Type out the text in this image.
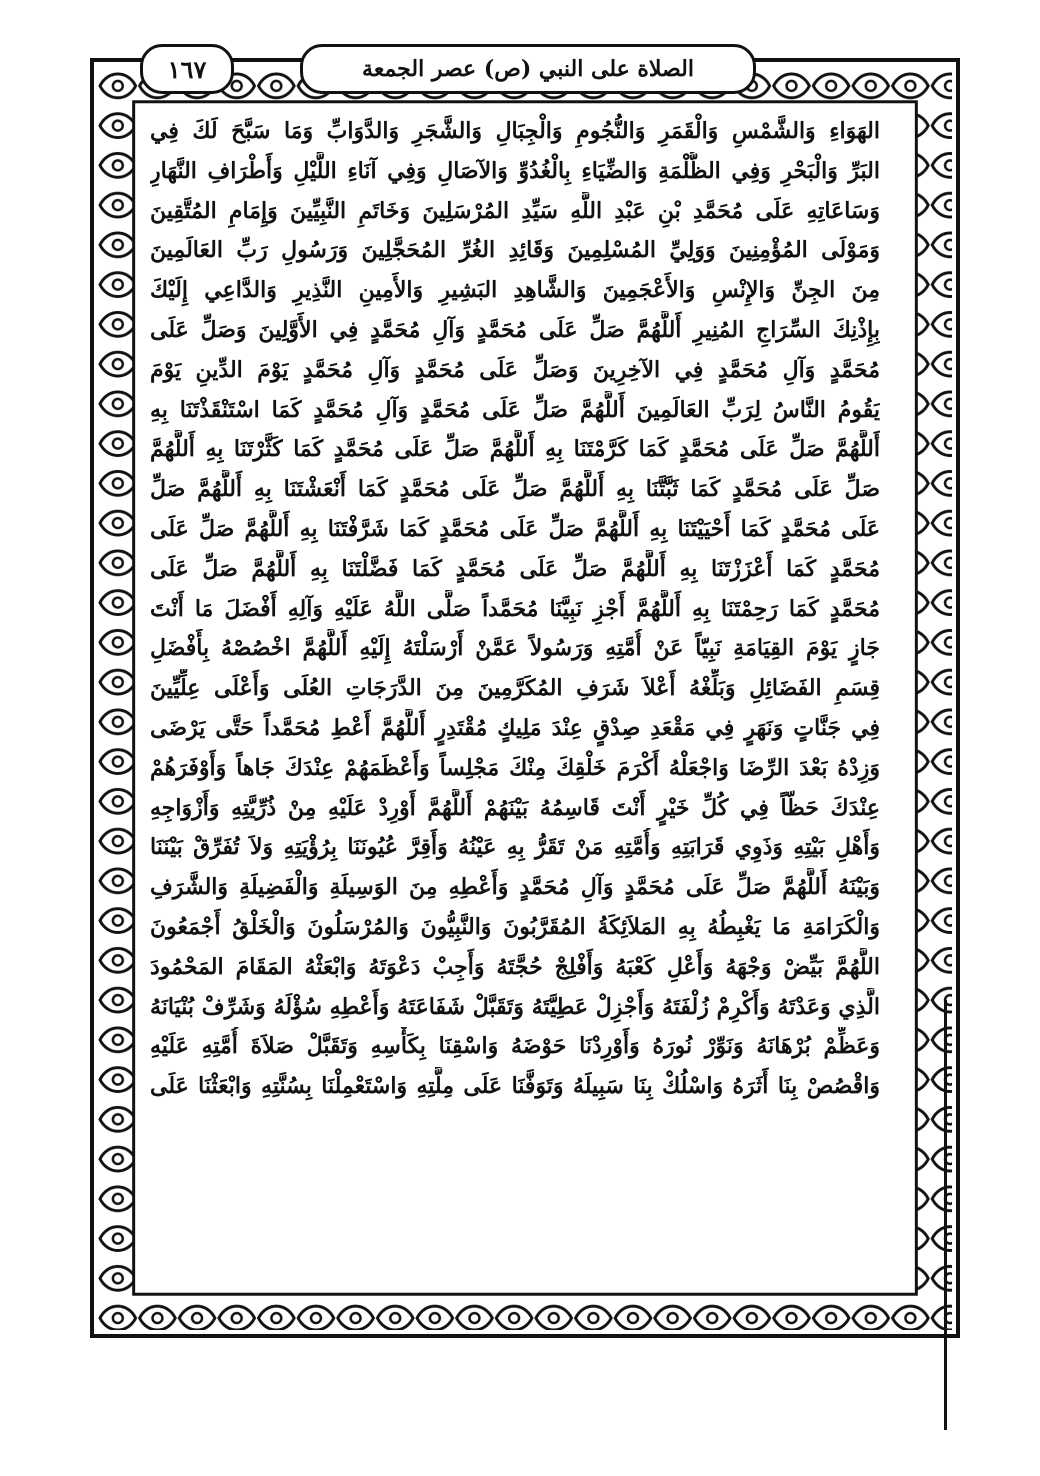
١٦٧	الصلاة على النبي (ص) عصر الجمعة
الهَوَاءِ وَالشَّمْسِ وَالْقَمَرِ وَالنُّجُومِ وَالْجِبَالِ وَالشَّجَرِ وَالدَّوَابِّ وَمَا سَبَّحَ لَكَ فِي
البَرِّ وَالْبَحْرِ وَفِي الظُّلْمَةِ وَالضِّيَاءِ بِالْغُدُوِّ وَالآصَالِ وَفِي آنَاءِ اللَّيْلِ وَأَطْرَافِ النَّهَارِ
وَسَاعَاتِهِ عَلَى مُحَمَّدِ بْنِ عَبْدِ اللَّهِ سَيِّدِ المُرْسَلِينَ وَخَاتَمِ النَّبِيِّينَ وَإِمَامِ المُتَّقِينَ
وَمَوْلَى المُؤْمِنِينَ وَوَلِيِّ المُسْلِمِينَ وَقَائِدِ الغُرِّ المُحَجَّلِينَ وَرَسُولِ رَبِّ العَالَمِينَ
مِنَ الجِنِّ وَالإِنْسِ وَالأَعْجَمِينَ وَالشَّاهِدِ البَشِيرِ وَالأَمِينِ النَّذِيرِ وَالدَّاعِي إِلَيْكَ
بِإِذْنِكَ السِّرَاجِ المُنِيرِ أَللَّهُمَّ صَلِّ عَلَى مُحَمَّدٍ وَآلِ مُحَمَّدٍ فِي الأَوَّلِينَ وَصَلِّ عَلَى
مُحَمَّدٍ وَآلِ مُحَمَّدٍ فِي الآخِرِينَ وَصَلِّ عَلَى مُحَمَّدٍ وَآلِ مُحَمَّدٍ يَوْمَ الدِّينِ يَوْمَ
يَقُومُ النَّاسُ لِرَبِّ العَالَمِينَ أَللَّهُمَّ صَلِّ عَلَى مُحَمَّدٍ وَآلِ مُحَمَّدٍ كَمَا اسْتَنْقَذْتَنَا بِهِ
أَللَّهُمَّ صَلِّ عَلَى مُحَمَّدٍ كَمَا كَرَّمْتَنَا بِهِ أَللَّهُمَّ صَلِّ عَلَى مُحَمَّدٍ كَمَا كَثَّرْتَنَا بِهِ أَللَّهُمَّ
صَلِّ عَلَى مُحَمَّدٍ كَمَا ثَبَّتَّنَا بِهِ أَللَّهُمَّ صَلِّ عَلَى مُحَمَّدٍ كَمَا أَنْعَشْتَنَا بِهِ أَللَّهُمَّ صَلِّ
عَلَى مُحَمَّدٍ كَمَا أَحْيَيْتَنَا بِهِ أَللَّهُمَّ صَلِّ عَلَى مُحَمَّدٍ كَمَا شَرَّفْتَنَا بِهِ أَللَّهُمَّ صَلِّ عَلَى
مُحَمَّدٍ كَمَا أَعْزَزْتَنَا بِهِ أَللَّهُمَّ صَلِّ عَلَى مُحَمَّدٍ كَمَا فَضَّلْتَنَا بِهِ أَللَّهُمَّ صَلِّ عَلَى
مُحَمَّدٍ كَمَا رَحِمْتَنَا بِهِ أَللَّهُمَّ أَجْزِ نَبِيَّنَا مُحَمَّداً صَلَّى اللَّهُ عَلَيْهِ وَآلِهِ أَفْضَلَ مَا أَنْتَ
جَازٍ يَوْمَ القِيَامَةِ نَبِيّاً عَنْ أُمَّتِهِ وَرَسُولاً عَمَّنْ أَرْسَلْتَهُ إِلَيْهِ أَللَّهُمَّ اخْصُصْهُ بِأَفْضَلِ
قِسَمِ الفَضَائِلِ وَبَلِّغْهُ أَعْلاَ شَرَفِ المُكَرَّمِينَ مِنَ الدَّرَجَاتِ العُلَى وَأَعْلَى عِلِّيِّينَ
فِي جَنَّاتٍ وَنَهَرٍ فِي مَقْعَدِ صِدْقٍ عِنْدَ مَلِيكٍ مُقْتَدِرٍ أَللَّهُمَّ أَعْطِ مُحَمَّداً حَتَّى يَرْضَى
وَزِدْهُ بَعْدَ الرِّضَا وَاجْعَلْهُ أَكْرَمَ خَلْقِكَ مِنْكَ مَجْلِساً وَأَعْظَمَهُمْ عِنْدَكَ جَاهاً وَأَوْفَرَهُمْ
عِنْدَكَ حَظّاً فِي كُلِّ خَيْرٍ أَنْتَ قَاسِمُهُ بَيْنَهُمْ أَللَّهُمَّ أَوْرِدْ عَلَيْهِ مِنْ ذُرِّيَّتِهِ وَأَزْوَاجِهِ
وَأَهْلِ بَيْتِهِ وَذَوِي قَرَابَتِهِ وَأُمَّتِهِ مَنْ تَقَرُّ بِهِ عَيْنُهُ وَأَقِرَّ عُيُونَنَا بِرُؤْيَتِهِ وَلاَ تُفَرِّقْ بَيْنَنَا
وَبَيْنَهُ أَللَّهُمَّ صَلِّ عَلَى مُحَمَّدٍ وَآلِ مُحَمَّدٍ وَأَعْطِهِ مِنَ الوَسِيلَةِ وَالْفَضِيلَةِ وَالشَّرَفِ
وَالْكَرَامَةِ مَا يَغْبِطُهُ بِهِ المَلاَئِكَةُ المُقَرَّبُونَ وَالنَّبِيُّونَ وَالمُرْسَلُونَ وَالْخَلْقُ أَجْمَعُونَ
اللَّهُمَّ بَيِّضْ وَجْهَهُ وَأَعْلِ كَعْبَهُ وَأَفْلِجْ حُجَّتَهُ وَأَجِبْ دَعْوَتَهُ وَابْعَثْهُ المَقَامَ المَحْمُودَ
الَّذِي وَعَدْتَهُ وَأَكْرِمْ زُلْفَتَهُ وَأَجْزِلْ عَطِيَّتَهُ وَتَقَبَّلْ شَفَاعَتَهُ وَأَعْطِهِ سُؤْلَهُ وَشَرِّفْ بُنْيَانَهُ
وَعَظِّمْ بُرْهَانَهُ وَنَوِّرْ نُورَهُ وَأَوْرِدْنَا حَوْضَهُ وَاسْقِنَا بِكَأْسِهِ وَتَقَبَّلْ صَلاَةَ أُمَّتِهِ عَلَيْهِ
وَاقْصُصْ بِنَا أَثَرَهُ وَاسْلُكْ بِنَا سَبِيلَهُ وَتَوَفَّنَا عَلَى مِلَّتِهِ وَاسْتَعْمِلْنَا بِسُنَّتِهِ وَابْعَثْنَا عَلَى
